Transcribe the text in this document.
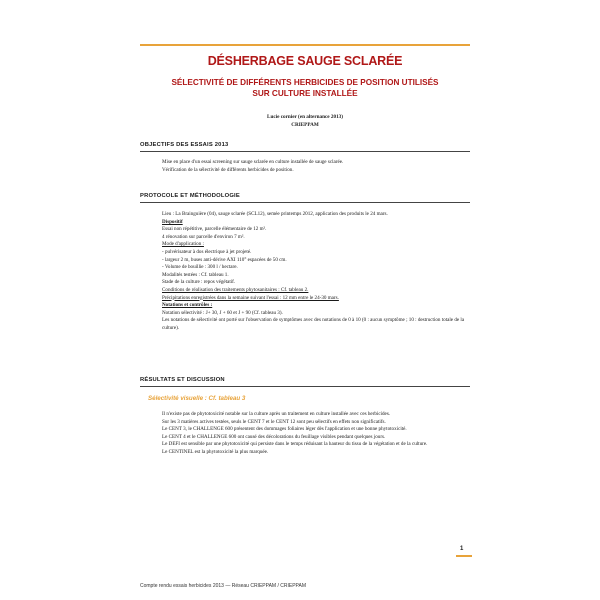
DÉSHERBAGE SAUGE SCLARÉE
SÉLECTIVITÉ DE DIFFÉRENTS HERBICIDES DE POSITION UTILISÉS
SUR CULTURE INSTALLÉE
Lucie cornier (en alternance 2013)
CRIEPPAM
OBJECTIFS DES ESSAIS 2013

Mise en place d'un essai screening sur sauge sclarée en culture installée de sauge sclarée.

Vérification de la sélectivité de différents herbicides de position.

PROTOCOLE ET MÉTHODOLOGIE

Lieu : La Brainguière (04), sauge sclarée (SCL12), semée printemps 2012, application des produits le 24 mars.

Dispositif

Essai non répétitive, parcelle élémentaire de 12 m².

4 rénovation sur parcelle d'environ 7 m².

Mode d'application :

- pulvérisateur à dos électrique à jet projeté.

- largeur 2 m, buses anti-dérive AXI 110° espacées de 50 cm.

- Volume de bouillie : 300 l / hectare.

Modalités testées : Cf. tableau 1.

Stade de la culture : repos végétatif.

Conditions de réalisation des traitements phytosanitaires : Cf. tableau 2.

Précipitations enregistrées dans la semaine suivant l'essai : 12 mm entre le 24-30 mars.

Notations et contrôles :

Notation sélectivité : J+ 30, J + 60 et J + 90 (Cf. tableau 3).

Les notations de sélectivité ont porté sur l'observation de symptômes avec des notations de 0 à 10 (0 : aucun symptôme ; 10 : destruction totale de la culture).

RÉSULTATS ET DISCUSSION
Sélectivité visuelle : Cf. tableau 3

Il n'existe pas de phytotoxicité notable sur la culture après un traitement en culture installée avec ces herbicides.

Sur les 3 matières actives testées, seuls le CENT 7 et le CENT 12 sont peu sélectifs en effets non significatifs.

Le CENT 3, le CHALLENGE 600 présentent des dommages foliaires léger dès l'application et une bonne phytotoxicité.

Le CENT 4 et le CHALLENGE 600 ont causé des décolorations du feuillage visibles pendant quelques jours.

Le DEFI est sensible par une phytotoxicité qui persiste dans le temps réduisant la hauteur du tissu de la végétation et de la culture.

Le CENTINEL est la phytotoxicité la plus marquée.

1
Compte rendu essais herbicides 2013 — Réseau CRIEPPAM / CRIEPPAM
